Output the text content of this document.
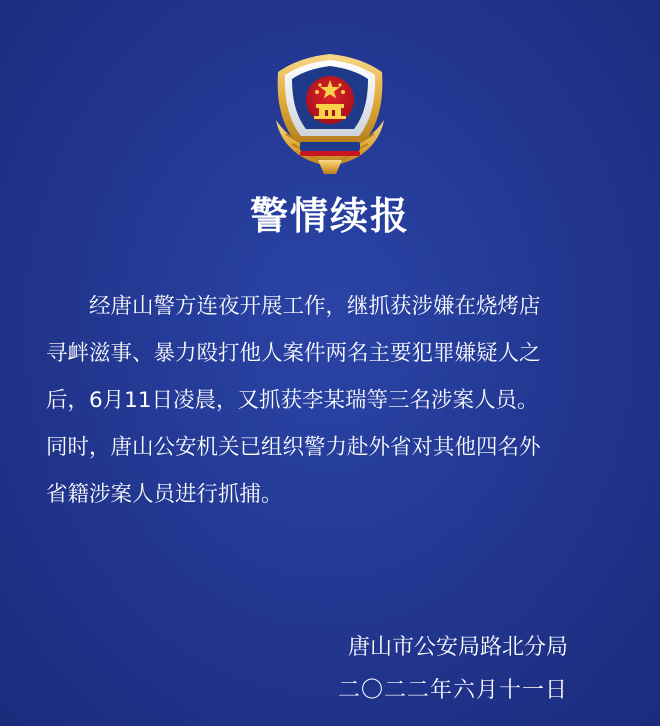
警情续报
经唐山警方连夜开展工作，继抓获涉嫌在烧烤店
寻衅滋事、暴力殴打他人案件两名主要犯罪嫌疑人之
后，6月11日凌晨，又抓获李某瑞等三名涉案人员。
同时，唐山公安机关已组织警力赴外省对其他四名外
省籍涉案人员进行抓捕。
唐山市公安局路北分局
二〇二二年六月十一日
